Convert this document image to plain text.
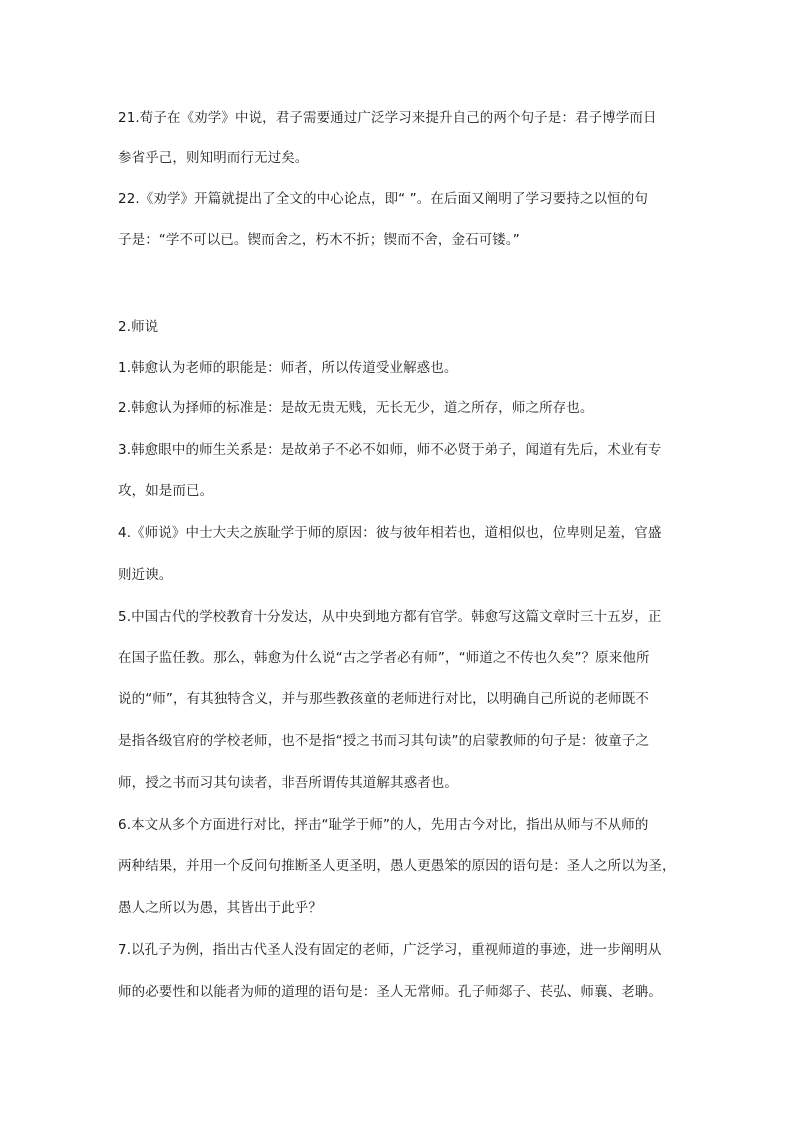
21.荀子在《劝学》中说，君子需要通过广泛学习来提升自己的两个句子是：君子博学而日
参省乎己，则知明而行无过矣。
22.《劝学》开篇就提出了全文的中心论点，即“ ”。在后面又阐明了学习要持之以恒的句
子是：“学不可以已。锲而舍之，朽木不折；锲而不舍，金石可镂。”
2.师说
1.韩愈认为老师的职能是：师者，所以传道受业解惑也。
2.韩愈认为择师的标准是：是故无贵无贱，无长无少，道之所存，师之所存也。
3.韩愈眼中的师生关系是：是故弟子不必不如师，师不必贤于弟子，闻道有先后，术业有专
攻，如是而已。
4.《师说》中士大夫之族耻学于师的原因：彼与彼年相若也，道相似也，位卑则足羞，官盛
则近谀。
5.中国古代的学校教育十分发达，从中央到地方都有官学。韩愈写这篇文章时三十五岁，正
在国子监任教。那么，韩愈为什么说“古之学者必有师”，“师道之不传也久矣”？原来他所
说的“师”，有其独特含义，并与那些教孩童的老师进行对比，以明确自己所说的老师既不
是指各级官府的学校老师，也不是指“授之书而习其句读”的启蒙教师的句子是：彼童子之
师，授之书而习其句读者，非吾所谓传其道解其惑者也。
6.本文从多个方面进行对比，抨击“耻学于师”的人，先用古今对比，指出从师与不从师的
两种结果，并用一个反问句推断圣人更圣明，愚人更愚笨的原因的语句是：圣人之所以为圣，
愚人之所以为愚，其皆出于此乎？
7.以孔子为例，指出古代圣人没有固定的老师，广泛学习，重视师道的事迹，进一步阐明从
师的必要性和以能者为师的道理的语句是：圣人无常师。孔子师郯子、苌弘、师襄、老聃。
